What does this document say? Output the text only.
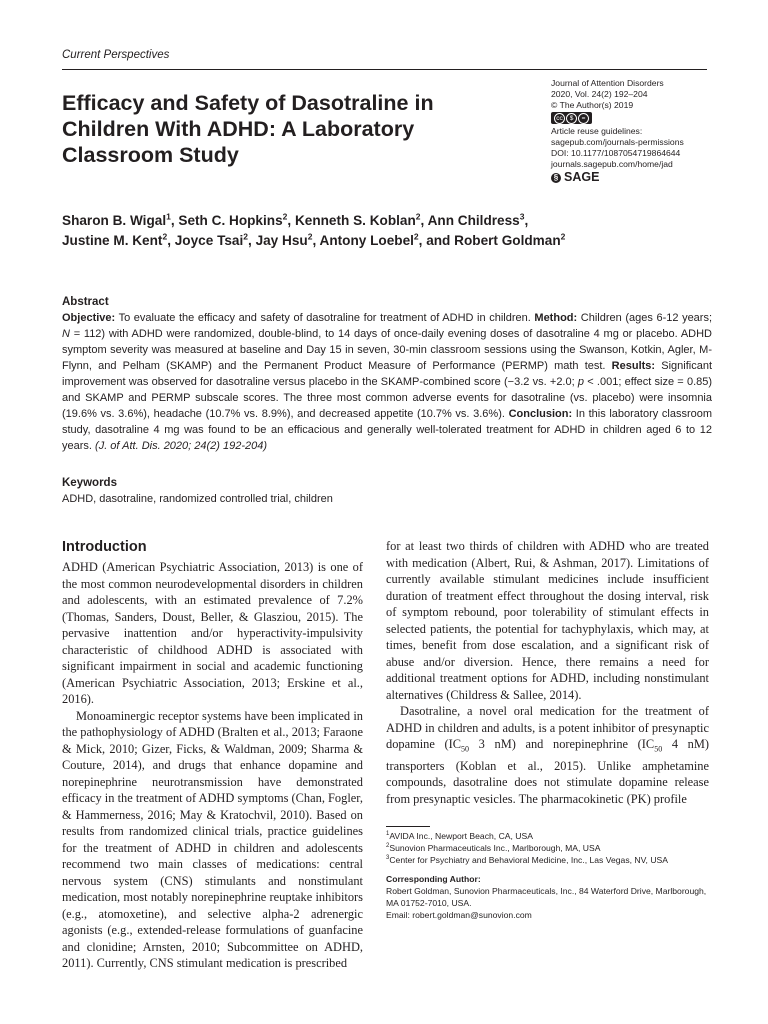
Current Perspectives
Efficacy and Safety of Dasotraline in Children With ADHD: A Laboratory Classroom Study
Journal of Attention Disorders
2020, Vol. 24(2) 192–204
© The Author(s) 2019
cc	$	=
Article reuse guidelines:
sagepub.com/journals-permissions
DOI: 10.1177/1087054719864644
journals.sagepub.com/home/jad
§ SAGE
Sharon B. Wigal$^1$, Seth C. Hopkins$^2$, Kenneth S. Koblan$^2$, Ann Childress$^3$,
Justine M. Kent$^2$, Joyce Tsai$^2$, Jay Hsu$^2$, Antony Loebel$^2$, and Robert Goldman$^2$
Abstract
Objective: To evaluate the efficacy and safety of dasotraline for treatment of ADHD in children. Method: Children (ages 6-12 years; N = 112) with ADHD were randomized, double-blind, to 14 days of once-daily evening doses of dasotraline 4 mg or placebo. ADHD symptom severity was measured at baseline and Day 15 in seven, 30-min classroom sessions using the Swanson, Kotkin, Agler, M-Flynn, and Pelham (SKAMP) and the Permanent Product Measure of Performance (PERMP) math test. Results: Significant improvement was observed for dasotraline versus placebo in the SKAMP-combined score (−3.2 vs. +2.0; p < .001; effect size = 0.85) and SKAMP and PERMP subscale scores. The three most common adverse events for dasotraline (vs. placebo) were insomnia (19.6% vs. 3.6%), headache (10.7% vs. 8.9%), and decreased appetite (10.7% vs. 3.6%). Conclusion: In this laboratory classroom study, dasotraline 4 mg was found to be an efficacious and generally well-tolerated treatment for ADHD in children aged 6 to 12 years. (J. of Att. Dis. 2020; 24(2) 192-204)
Keywords
ADHD, dasotraline, randomized controlled trial, children
Introduction

ADHD (American Psychiatric Association, 2013) is one of the most common neurodevelopmental disorders in children and adolescents, with an estimated prevalence of 7.2% (Thomas, Sanders, Doust, Beller, & Glasziou, 2015). The pervasive inattention and/or hyperactivity-impulsivity characteristic of childhood ADHD is associated with significant impairment in social and academic functioning (American Psychiatric Association, 2013; Erskine et al., 2016).

Monoaminergic receptor systems have been implicated in the pathophysiology of ADHD (Bralten et al., 2013; Faraone & Mick, 2010; Gizer, Ficks, & Waldman, 2009; Sharma & Couture, 2014), and drugs that enhance dopamine and norepinephrine neurotransmission have demonstrated efficacy in the treatment of ADHD symptoms (Chan, Fogler, & Hammerness, 2016; May & Kratochvil, 2010). Based on results from randomized clinical trials, practice guidelines for the treatment of ADHD in children and adolescents recommend two main classes of medications: central nervous system (CNS) stimulants and nonstimulant medication, most notably norepinephrine reuptake inhibitors (e.g., atomoxetine), and selective alpha-2 adrenergic agonists (e.g., extended-release formulations of guanfacine and clonidine; Arnsten, 2010; Subcommittee on ADHD, 2011). Currently, CNS stimulant medication is prescribed

for at least two thirds of children with ADHD who are treated with medication (Albert, Rui, & Ashman, 2017). Limitations of currently available stimulant medicines include insufficient duration of treatment effect throughout the dosing interval, risk of symptom rebound, poor tolerability of stimulant effects in selected patients, the potential for tachyphylaxis, which may, at times, benefit from dose escalation, and a significant risk of abuse and/or diversion. Hence, there remains a need for additional treatment options for ADHD, including nonstimulant alternatives (Childress & Sallee, 2014).

Dasotraline, a novel oral medication for the treatment of ADHD in children and adults, is a potent inhibitor of presynaptic dopamine ($IC_{50}$ 3 nM) and norepinephrine ($IC_{50}$ 4 nM) transporters (Koblan et al., 2015). Unlike amphetamine compounds, dasotraline does not stimulate dopamine release from presynaptic vesicles. The pharmacokinetic (PK) profile

$^1$AVIDA Inc., Newport Beach, CA, USA
$^2$Sunovion Pharmaceuticals Inc., Marlborough, MA, USA
$^3$Center for Psychiatry and Behavioral Medicine, Inc., Las Vegas, NV, USA
Corresponding Author:
Robert Goldman, Sunovion Pharmaceuticals, Inc., 84 Waterford Drive, Marlborough, MA 01752-7010, USA.
Email: robert.goldman@sunovion.com
